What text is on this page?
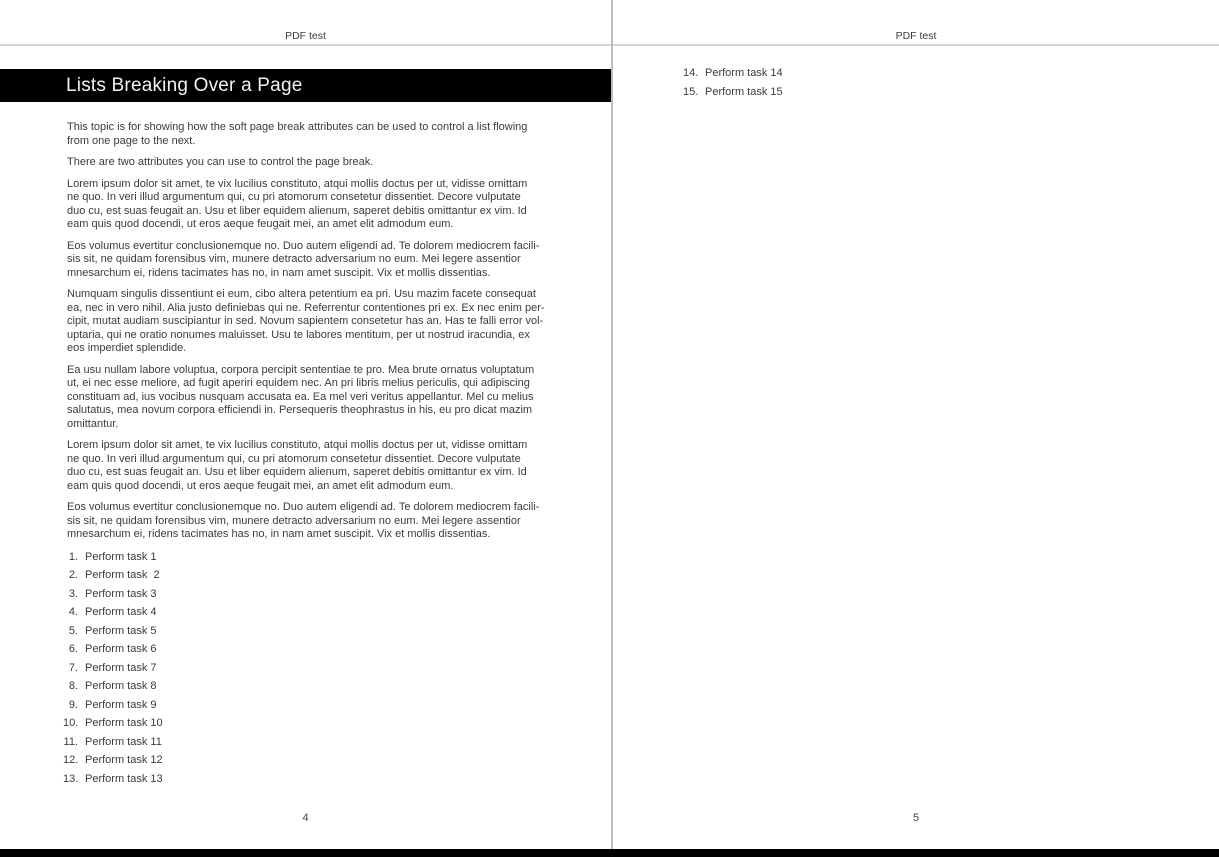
PDF test
Lists Breaking Over a Page

This topic is for showing how the soft page break attributes can be used to control a list flowing
from one page to the next.

There are two attributes you can use to control the page break.

Lorem ipsum dolor sit amet, te vix lucilius constituto, atqui mollis doctus per ut, vidisse omittam
ne quo. In veri illud argumentum qui, cu pri atomorum consetetur dissentiet. Decore vulputate
duo cu, est suas feugait an. Usu et liber equidem alienum, saperet debitis omittantur ex vim. Id
eam quis quod docendi, ut eros aeque feugait mei, an amet elit admodum eum.

Eos volumus evertitur conclusionemque no. Duo autem eligendi ad. Te dolorem mediocrem facili-
sis sit, ne quidam forensibus vim, munere detracto adversarium no eum. Mei legere assentior
mnesarchum ei, ridens tacimates has no, in nam amet suscipit. Vix et mollis dissentias.

Numquam singulis dissentiunt ei eum, cibo altera petentium ea pri. Usu mazim facete consequat
ea, nec in vero nihil. Alia justo definiebas qui ne. Referrentur contentiones pri ex. Ex nec enim per-
cipit, mutat audiam suscipiantur in sed. Novum sapientem consetetur has an. Has te falli error vol-
uptaria, qui ne oratio nonumes maluisset. Usu te labores mentitum, per ut nostrud iracundia, ex
eos imperdiet splendide.

Ea usu nullam labore voluptua, corpora percipit sententiae te pro. Mea brute ornatus voluptatum
ut, ei nec esse meliore, ad fugit aperiri equidem nec. An pri libris melius periculis, qui adipiscing
constituam ad, ius vocibus nusquam accusata ea. Ea mel veri veritus appellantur. Mel cu melius
salutatus, mea novum corpora efficiendi in. Persequeris theophrastus in his, eu pro dicat mazim
omittantur.

Lorem ipsum dolor sit amet, te vix lucilius constituto, atqui mollis doctus per ut, vidisse omittam
ne quo. In veri illud argumentum qui, cu pri atomorum consetetur dissentiet. Decore vulputate
duo cu, est suas feugait an. Usu et liber equidem alienum, saperet debitis omittantur ex vim. Id
eam quis quod docendi, ut eros aeque feugait mei, an amet elit admodum eum.

Eos volumus evertitur conclusionemque no. Duo autem eligendi ad. Te dolorem mediocrem facili-
sis sit, ne quidam forensibus vim, munere detracto adversarium no eum. Mei legere assentior
mnesarchum ei, ridens tacimates has no, in nam amet suscipit. Vix et mollis dissentias.

1. Perform task 1
2. Perform task  2
3. Perform task 3
4. Perform task 4
5. Perform task 5
6. Perform task 6
7. Perform task 7
8. Perform task 8
9. Perform task 9
10. Perform task 10
11. Perform task 11
12. Perform task 12
13. Perform task 13
4
PDF test
14. Perform task 14
15. Perform task 15
5
